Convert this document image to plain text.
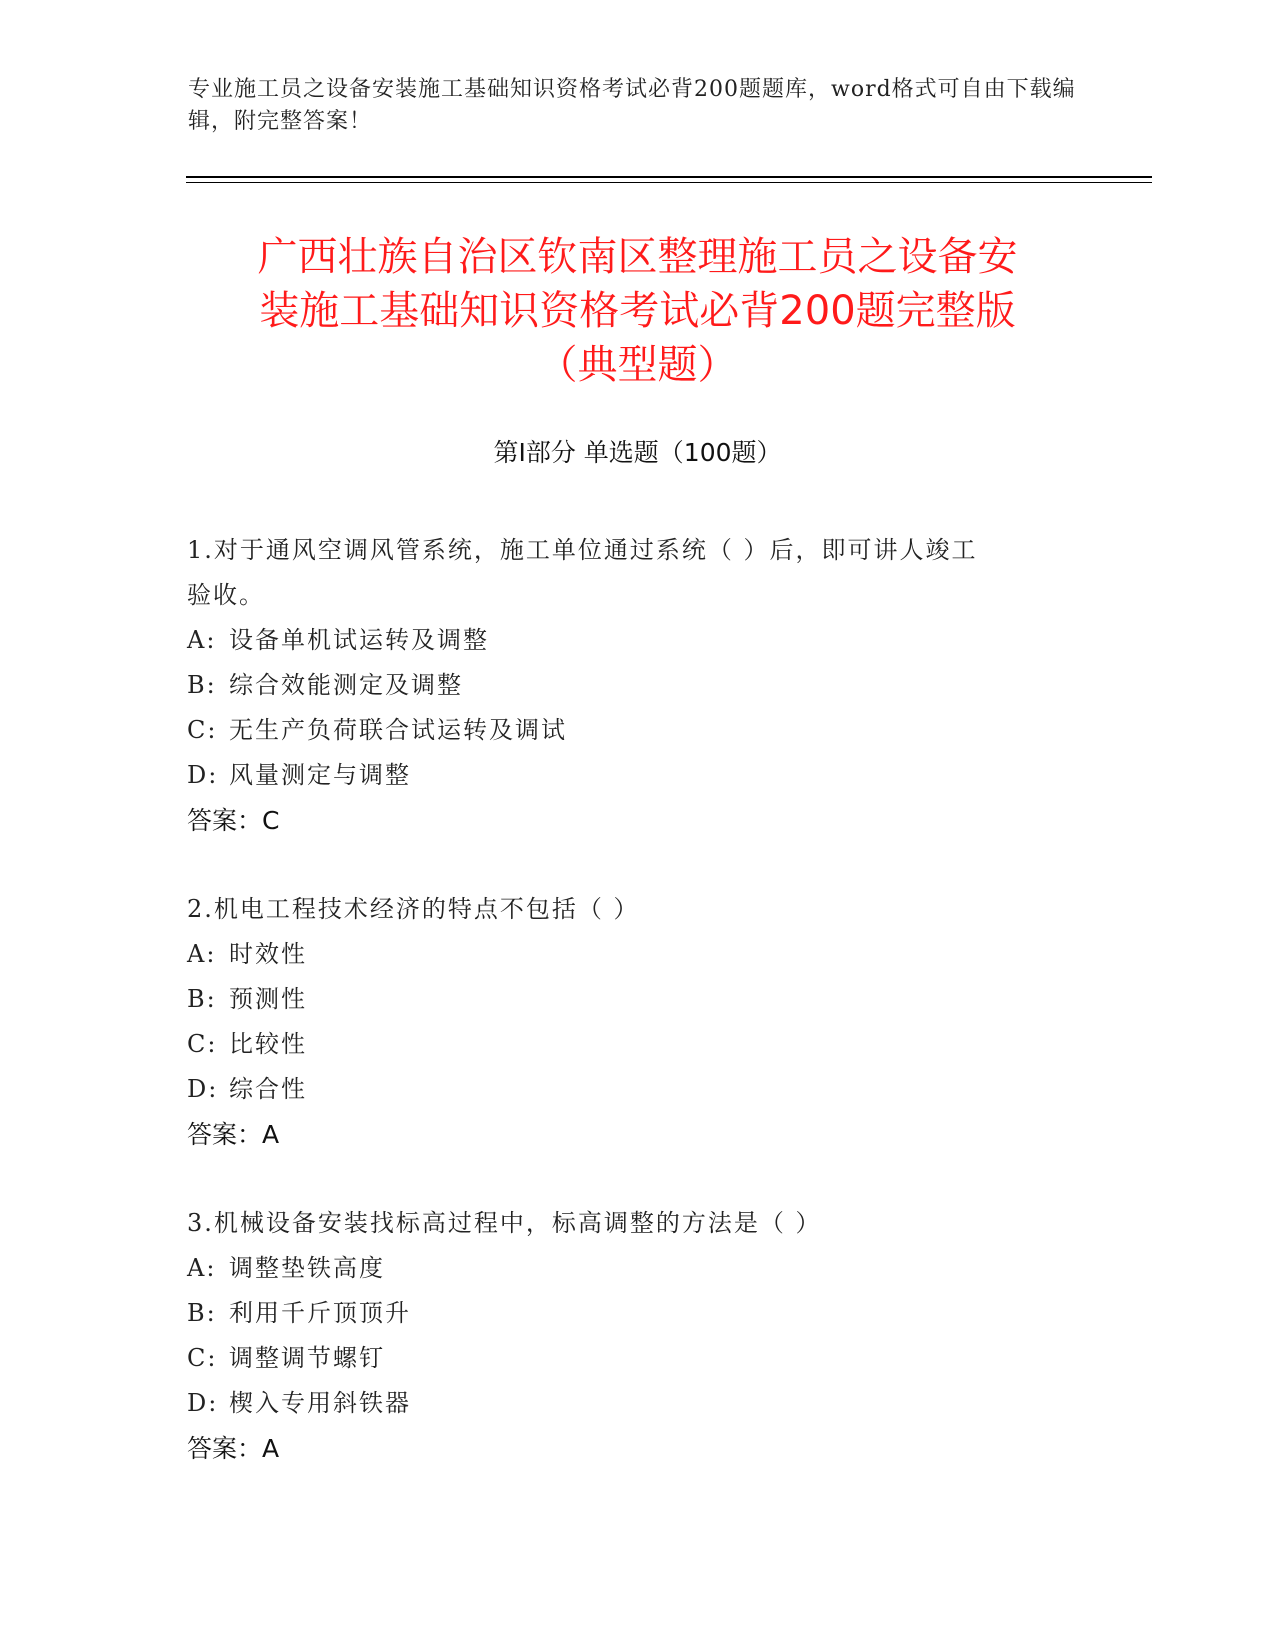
专业施工员之设备安装施工基础知识资格考试必背200题题库，word格式可自由下载编辑，附完整答案！
广西壮族自治区钦南区整理施工员之设备安
装施工基础知识资格考试必背200题完整版
（典型题）
第Ⅰ部分 单选题（100题）
1.对于通风空调风管系统，施工单位通过系统（ ）后，即可讲人竣工
验收。
A: 设备单机试运转及调整
B: 综合效能测定及调整
C: 无生产负荷联合试运转及调试
D: 风量测定与调整
答案：C
2.机电工程技术经济的特点不包括（ ）
A: 时效性
B: 预测性
C: 比较性
D: 综合性
答案：A
3.机械设备安装找标高过程中，标高调整的方法是（ ）
A: 调整垫铁高度
B: 利用千斤顶顶升
C: 调整调节螺钉
D: 楔入专用斜铁器
答案：A
